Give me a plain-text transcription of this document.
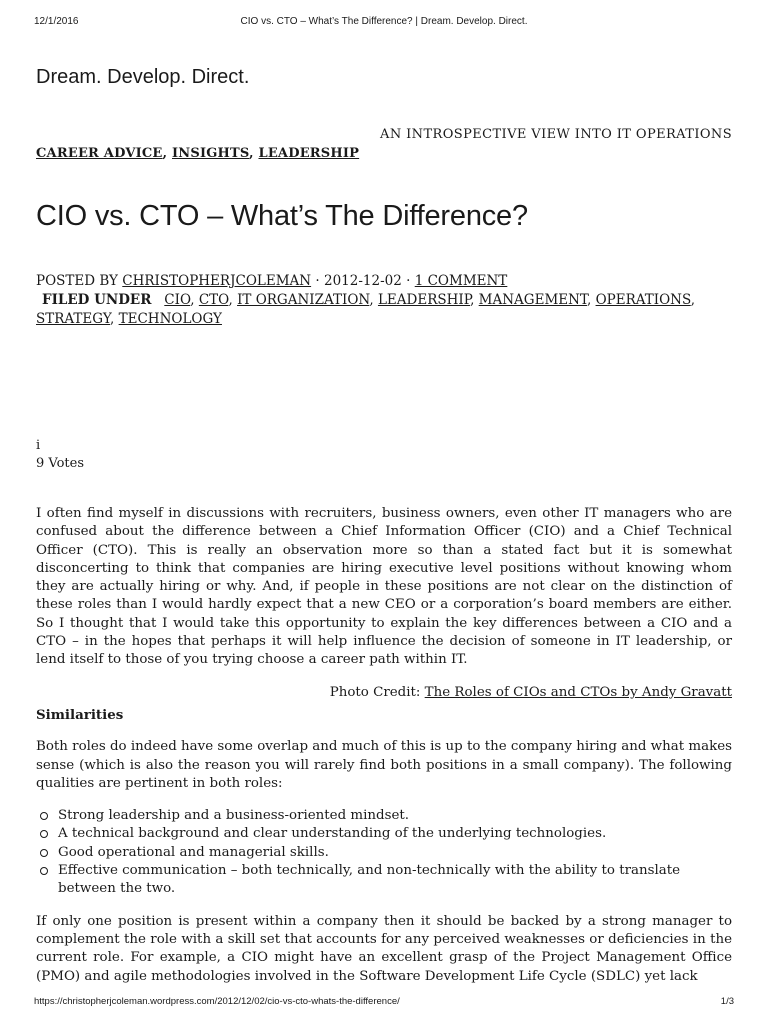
12/1/2016	CIO vs. CTO – What’s The Difference? | Dream. Develop. Direct.
Dream. Develop. Direct.
AN INTROSPECTIVE VIEW INTO IT OPERATIONS
CAREER ADVICE, INSIGHTS, LEADERSHIP
CIO vs. CTO – What’s The Difference?
POSTED BY CHRISTOPHERJCOLEMAN · 2012-12-02 · 1 COMMENT
FILED UNDER CIO, CTO, IT ORGANIZATION, LEADERSHIP, MANAGEMENT, OPERATIONS, STRATEGY, TECHNOLOGY
i
9 Votes

I often find myself in discussions with recruiters, business owners, even other IT managers who are confused about the difference between a Chief Information Officer (CIO) and a Chief Technical Officer (CTO). This is really an observation more so than a stated fact but it is somewhat disconcerting to think that companies are hiring executive level positions without knowing whom they are actually hiring or why. And, if people in these positions are not clear on the distinction of these roles than I would hardly expect that a new CEO or a corporation’s board members are either. So I thought that I would take this opportunity to explain the key differences between a CIO and a CTO – in the hopes that perhaps it will help influence the decision of someone in IT leadership, or lend itself to those of you trying choose a career path within IT.

Photo Credit: The Roles of CIOs and CTOs by Andy Gravatt

Similarities

Both roles do indeed have some overlap and much of this is up to the company hiring and what makes sense (which is also the reason you will rarely find both positions in a small company). The following qualities are pertinent in both roles:

Strong leadership and a business-oriented mindset.
A technical background and clear understanding of the underlying technologies.
Good operational and managerial skills.
Effective communication – both technically, and non-technically with the ability to translate between the two.

If only one position is present within a company then it should be backed by a strong manager to complement the role with a skill set that accounts for any perceived weaknesses or deficiencies in the current role. For example, a CIO might have an excellent grasp of the Project Management Office (PMO) and agile methodologies involved in the Software Development Life Cycle (SDLC) yet lack

https://christopherjcoleman.wordpress.com/2012/12/02/cio-vs-cto-whats-the-difference/	1/3
